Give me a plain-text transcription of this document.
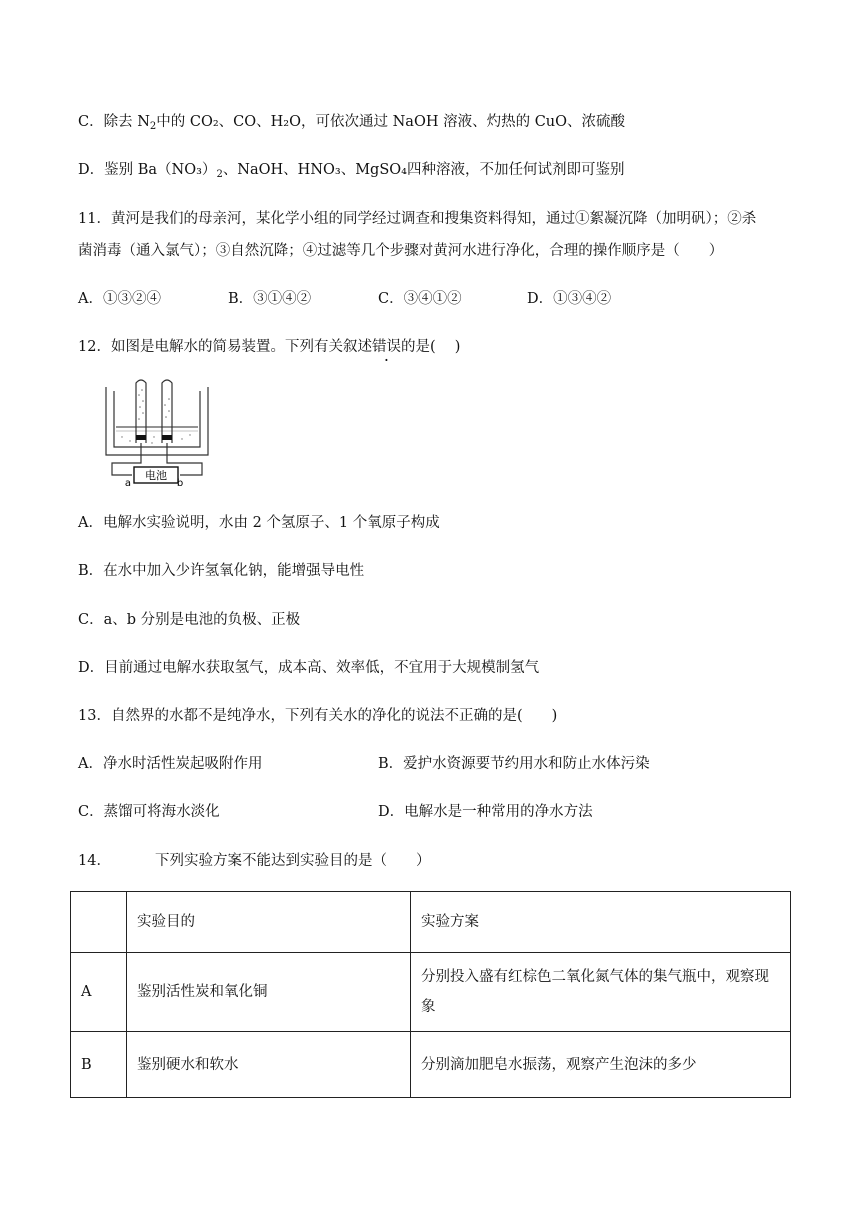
C．除去 $N_2$中的 CO₂、CO、H₂O，可依次通过 NaOH 溶液、灼热的 CuO、浓硫酸
D．鉴别 $Ba(NO_3)_2$、NaOH、HNO₃、MgSO₄四种溶液，不加任何试剂即可鉴别
11．黄河是我们的母亲河，某化学小组的同学经过调查和搜集资料得知，通过①絮凝沉降（加明矾）；②杀
菌消毒（通入氯气）；③自然沉降；④过滤等几个步骤对黄河水进行净化，合理的操作顺序是（　　）
A．①③②④	B．③①④②	C．③④①②	D．①③④②
12．如图是电解水的简易装置。下列有关叙述错误的是(　 )
电池
a	b
A．电解水实验说明，水由 2 个氢原子、1 个氧原子构成
B．在水中加入少许氢氧化钠，能增强导电性
C．a、b 分别是电池的负极、正极
D．目前通过电解水获取氢气，成本高、效率低，不宜用于大规模制氢气
13．自然界的水都不是纯净水，下列有关水的净化的说法不正确的是(　　)
A．净水时活性炭起吸附作用	B．爱护水资源要节约用水和防止水体污染
C．蒸馏可将海水淡化	D．电解水是一种常用的净水方法
14．	下列实验方案不能达到实验目的是（　　）
	实验目的	实验方案
A	鉴别活性炭和氧化铜	分别投入盛有红棕色二氧化氮气体的集气瓶中，观察现
象

B	鉴别硬水和软水	分别滴加肥皂水振荡，观察产生泡沫的多少
